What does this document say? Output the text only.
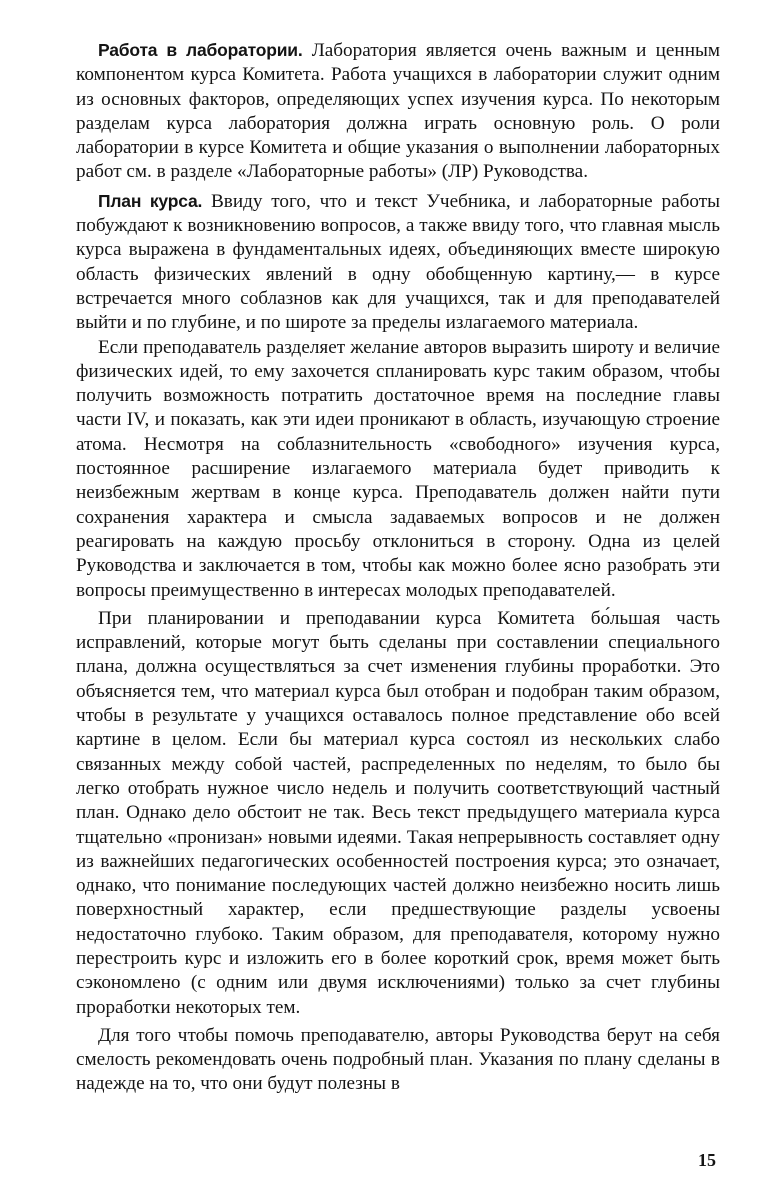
Работа в лаборатории. Лаборатория является очень важным и ценным компонентом курса Комитета. Работа учащихся в лаборатории служит одним из основных факторов, определяющих успех изучения курса. По некоторым разделам курса лаборатория должна играть основную роль. О роли лаборатории в курсе Комитета и общие указания о выполнении лабораторных работ см. в разделе «Лабораторные работы» (ЛР) Руководства.

План курса. Ввиду того, что и текст Учебника, и лабораторные работы побуждают к возникновению вопросов, а также ввиду того, что главная мысль курса выражена в фундаментальных идеях, объединяющих вместе широкую область физических явлений в одну обобщенную картину,— в курсе встречается много соблазнов как для учащихся, так и для преподавателей выйти и по глубине, и по широте за пределы излагаемого материала.

Если преподаватель разделяет желание авторов выразить широту и величие физических идей, то ему захочется спланировать курс таким образом, чтобы получить возможность потратить достаточное время на последние главы части IV, и показать, как эти идеи проникают в область, изучающую строение атома. Несмотря на соблазнительность «свободного» изучения курса, постоянное расширение излагаемого материала будет приводить к неизбежным жертвам в конце курса. Преподаватель должен найти пути сохранения характера и смысла задаваемых вопросов и не должен реагировать на каждую просьбу отклониться в сторону. Одна из целей Руководства и заключается в том, чтобы как можно более ясно разобрать эти вопросы преимущественно в интересах молодых преподавателей.

При планировании и преподавании курса Комитета бо́льшая часть исправлений, которые могут быть сделаны при составлении специального плана, должна осуществляться за счет изменения глубины проработки. Это объясняется тем, что материал курса был отобран и подобран таким образом, чтобы в результате у учащихся оставалось полное представление обо всей картине в целом. Если бы материал курса состоял из нескольких слабо связанных между собой частей, распределенных по неделям, то было бы легко отобрать нужное число недель и получить соответствующий частный план. Однако дело обстоит не так. Весь текст предыдущего материала курса тщательно «пронизан» новыми идеями. Такая непрерывность составляет одну из важнейших педагогических особенностей построения курса; это означает, однако, что понимание последующих частей должно неизбежно носить лишь поверхностный характер, если предшествующие разделы усвоены недостаточно глубоко. Таким образом, для преподавателя, которому нужно перестроить курс и изложить его в более короткий срок, время может быть сэкономлено (с одним или двумя исключениями) только за счет глубины проработки некоторых тем.

Для того чтобы помочь преподавателю, авторы Руководства берут на себя смелость рекомендовать очень подробный план. Указания по плану сделаны в надежде на то, что они будут полезны в

15
